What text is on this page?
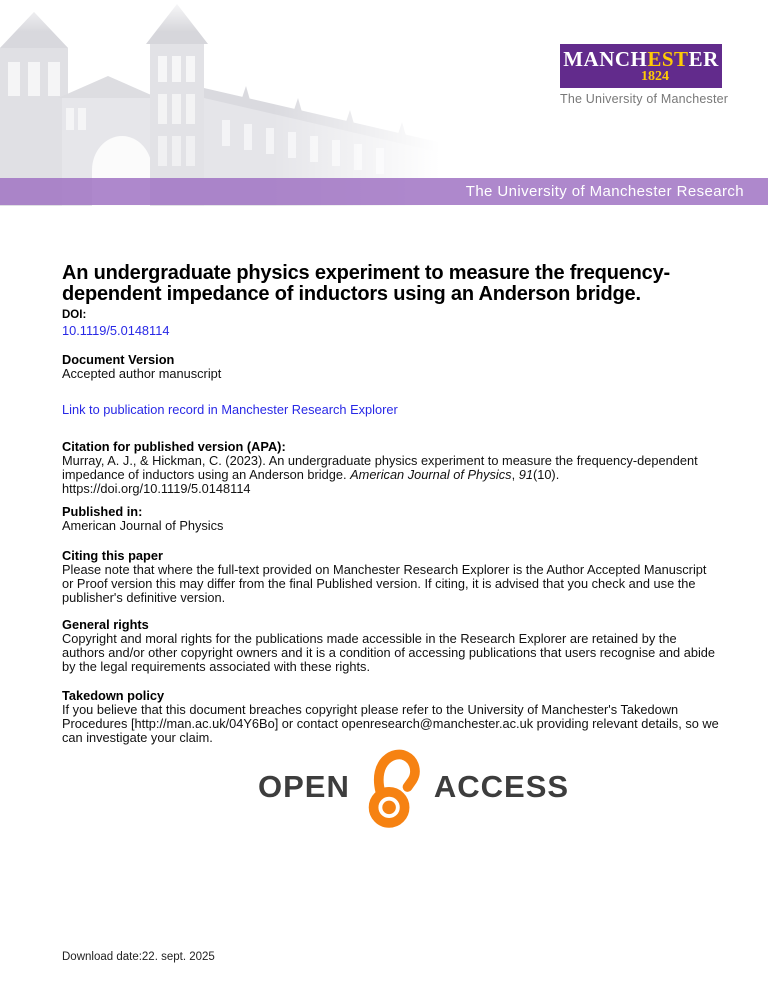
The University of Manchester Research
MANCHESTER
1824
The University of Manchester
An undergraduate physics experiment to measure the frequency-dependent impedance of inductors using an Anderson bridge.
DOI:
10.1119/5.0148114
Document Version
Accepted author manuscript
Link to publication record in Manchester Research Explorer
Citation for published version (APA):
Murray, A. J., & Hickman, C. (2023). An undergraduate physics experiment to measure the frequency-dependent impedance of inductors using an Anderson bridge. American Journal of Physics, 91(10). https://doi.org/10.1119/5.0148114
Published in:
American Journal of Physics
Citing this paper
Please note that where the full-text provided on Manchester Research Explorer is the Author Accepted Manuscript or Proof version this may differ from the final Published version. If citing, it is advised that you check and use the publisher's definitive version.
General rights
Copyright and moral rights for the publications made accessible in the Research Explorer are retained by the authors and/or other copyright owners and it is a condition of accessing publications that users recognise and abide by the legal requirements associated with these rights.
Takedown policy
If you believe that this document breaches copyright please refer to the University of Manchester's Takedown Procedures [http://man.ac.uk/04Y6Bo] or contact openresearch@manchester.ac.uk providing relevant details, so we can investigate your claim.
OPEN	ACCESS
Download date:22. sept. 2025
